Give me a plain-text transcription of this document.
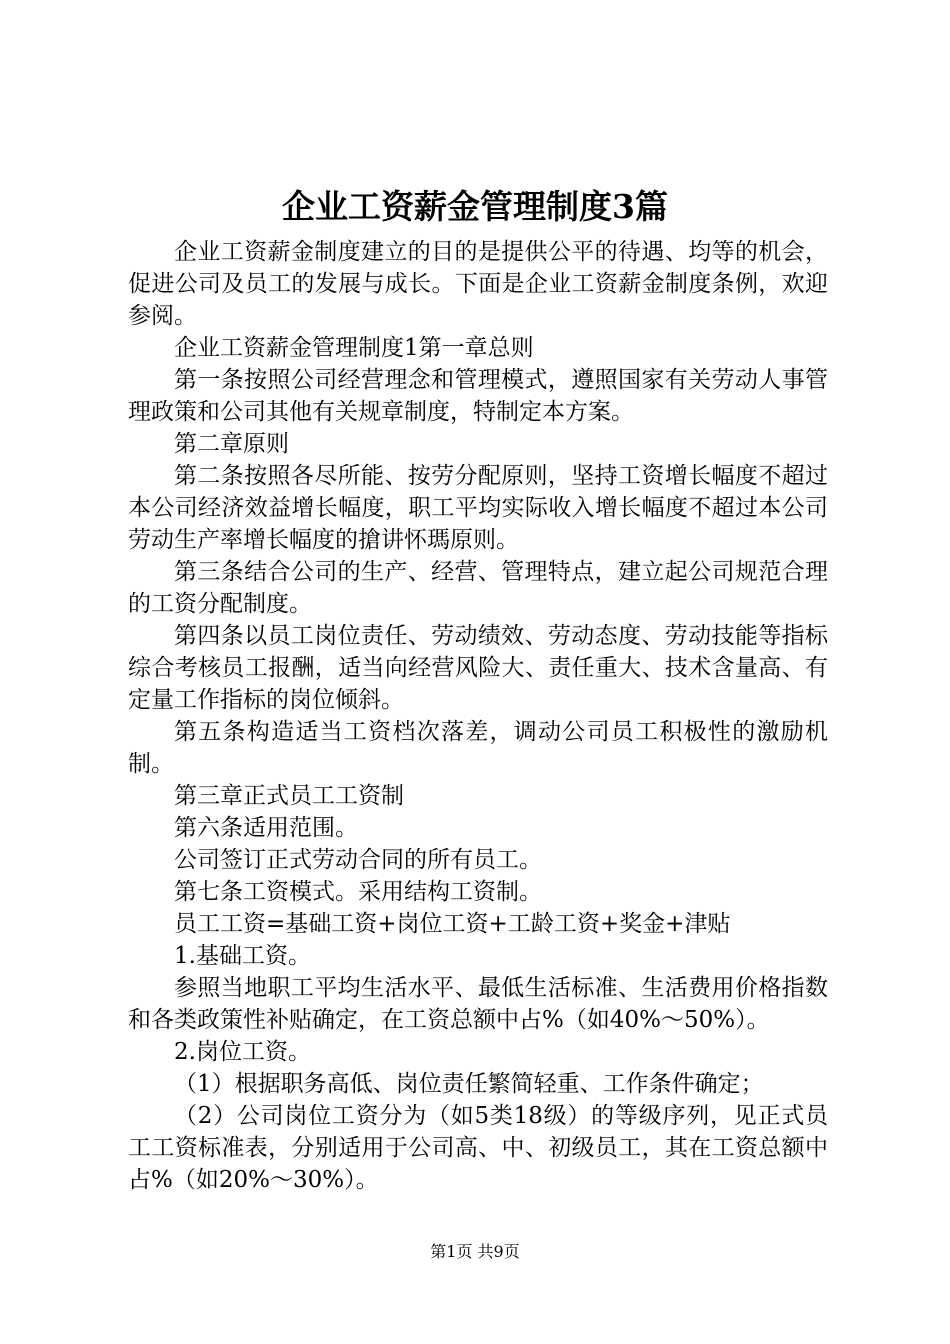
企业工资薪金管理制度3篇

企业工资薪金制度建立的目的是提供公平的待遇、均等的机会，促进公司及员工的发展与成长。下面是企业工资薪金制度条例，欢迎参阅。

企业工资薪金管理制度1第一章总则

第一条按照公司经营理念和管理模式，遵照国家有关劳动人事管理政策和公司其他有关规章制度，特制定本方案。

第二章原则

第二条按照各尽所能、按劳分配原则，坚持工资增长幅度不超过本公司经济效益增长幅度，职工平均实际收入增长幅度不超过本公司劳动生产率增长幅度的搶讲怀瑪原则。

第三条结合公司的生产、经营、管理特点，建立起公司规范合理的工资分配制度。

第四条以员工岗位责任、劳动绩效、劳动态度、劳动技能等指标综合考核员工报酬，适当向经营风险大、责任重大、技术含量高、有定量工作指标的岗位倾斜。

第五条构造适当工资档次落差，调动公司员工积极性的激励机制。

第三章正式员工工资制

第六条适用范围。

公司签订正式劳动合同的所有员工。

第七条工资模式。采用结构工资制。

员工工资=基础工资+岗位工资+工龄工资+奖金+津贴

1.基础工资。

参照当地职工平均生活水平、最低生活标准、生活费用价格指数和各类政策性补贴确定，在工资总额中占%（如40%～50%）。

2.岗位工资。

（1）根据职务高低、岗位责任繁简轻重、工作条件确定；

（2）公司岗位工资分为（如5类18级）的等级序列，见正式员工工资标准表，分别适用于公司高、中、初级员工，其在工资总额中占%（如20%～30%）。

第1页 共9页
